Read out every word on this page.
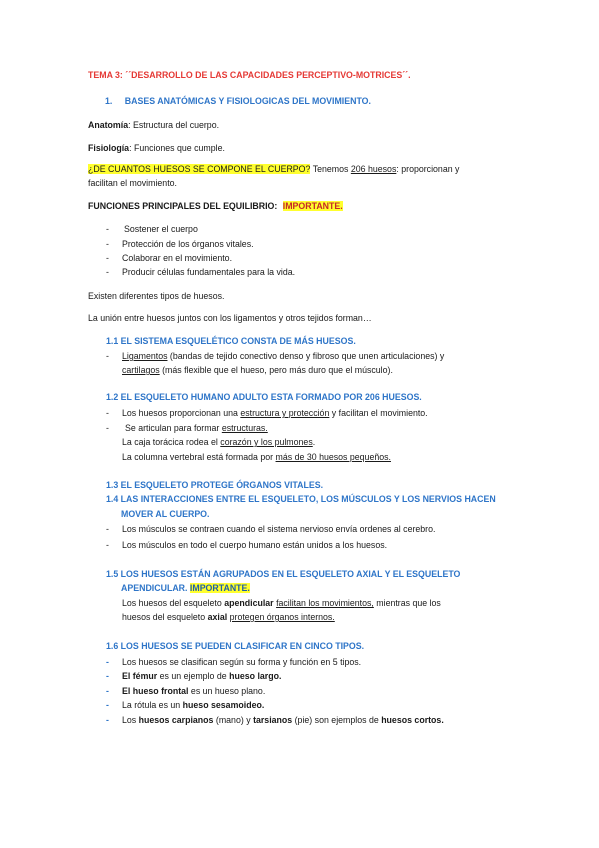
TEMA 3: ´´DESARROLLO DE LAS CAPACIDADES PERCEPTIVO-MOTRICES´´.
1. BASES ANATÓMICAS Y FISIOLOGICAS DEL MOVIMIENTO.
Anatomía: Estructura del cuerpo.
Fisiología: Funciones que cumple.
¿DE CUANTOS HUESOS SE COMPONE EL CUERPO? Tenemos 206 huesos: proporcionan y
facilitan el movimiento.
FUNCIONES PRINCIPALES DEL EQUILIBRIO: IMPORTANTE.
- Sostener el cuerpo
- Protección de los órganos vitales.
- Colaborar en el movimiento.
- Producir células fundamentales para la vida.
Existen diferentes tipos de huesos.
La unión entre huesos juntos con los ligamentos y otros tejidos forman…
1.1 EL SISTEMA ESQUELÉTICO CONSTA DE MÁS HUESOS.
- Ligamentos (bandas de tejido conectivo denso y fibroso que unen articulaciones) y
cartilagos (más flexible que el hueso, pero más duro que el músculo).
1.2 EL ESQUELETO HUMANO ADULTO ESTA FORMADO POR 206 HUESOS.
- Los huesos proporcionan una estructura y protección y facilitan el movimiento.
- Se articulan para formar estructuras.
La caja torácica rodea el corazón y los pulmones.
La columna vertebral está formada por más de 30 huesos pequeños.
1.3 EL ESQUELETO PROTEGE ÓRGANOS VITALES.
1.4 LAS INTERACCIONES ENTRE EL ESQUELETO, LOS MÚSCULOS Y LOS NERVIOS HACEN
MOVER AL CUERPO.
- Los músculos se contraen cuando el sistema nervioso envía ordenes al cerebro.
- Los músculos en todo el cuerpo humano están unidos a los huesos.
1.5 LOS HUESOS ESTÁN AGRUPADOS EN EL ESQUELETO AXIAL Y EL ESQUELETO
APENDICULAR. IMPORTANTE.
Los huesos del esqueleto apendicular facilitan los movimientos, mientras que los
huesos del esqueleto axial protegen órganos internos.
1.6 LOS HUESOS SE PUEDEN CLASIFICAR EN CINCO TIPOS.
- Los huesos se clasifican según su forma y función en 5 tipos.
- El fémur es un ejemplo de hueso largo.
- El hueso frontal es un hueso plano.
- La rótula es un hueso sesamoideo.
- Los huesos carpianos (mano) y tarsianos (pie) son ejemplos de huesos cortos.
